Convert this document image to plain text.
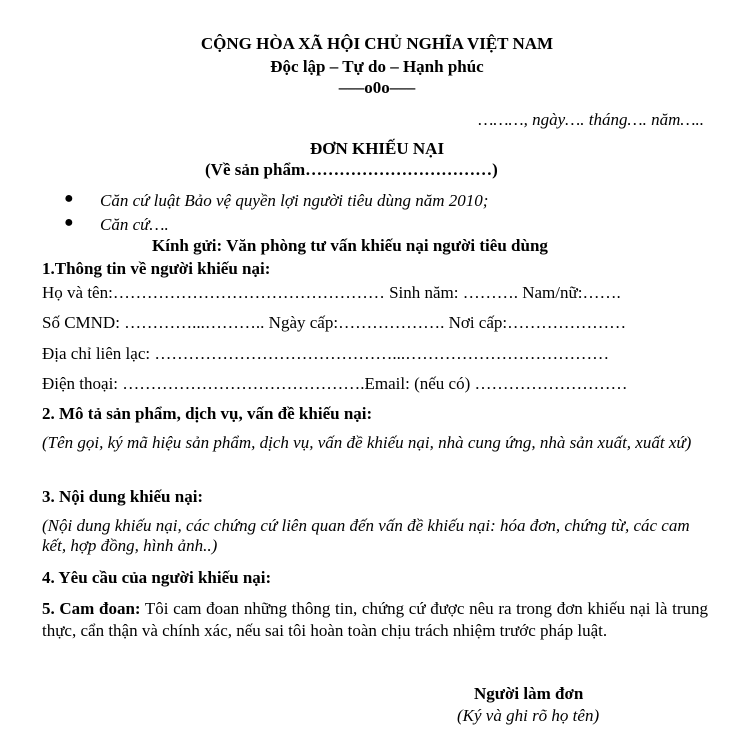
CỘNG HÒA XÃ HỘI CHỦ NGHĨA VIỆT NAM
Độc lập – Tự do – Hạnh phúc
–––o0o–––
………, ngày…. tháng…. năm…..
ĐƠN KHIẾU NẠI
(Về sản phẩm……………………………)
● Căn cứ luật Bảo vệ quyền lợi người tiêu dùng năm 2010;
● Căn cứ….
Kính gửi: Văn phòng tư vấn khiếu nại người tiêu dùng
1.Thông tin về người khiếu nại:
Họ và tên:………………………………………… Sinh năm: ………. Nam/nữ:…….
Số CMND: …………...……….. Ngày cấp:………………. Nơi cấp:…………………
Địa chỉ liên lạc: ……………………………………...………………………………
Điện thoại: …………………………………….Email: (nếu có) ………………………
2. Mô tả sản phẩm, dịch vụ, vấn đề khiếu nại:
(Tên gọi, ký mã hiệu sản phẩm, dịch vụ, vấn đề khiếu nại, nhà cung ứng, nhà sản xuất, xuất xứ)
3. Nội dung khiếu nại:
(Nội dung khiếu nại, các chứng cứ liên quan đến vấn đề khiếu nại: hóa đơn, chứng từ, các cam kết, hợp đồng, hình ảnh..)
4. Yêu cầu của người khiếu nại:
5. Cam đoan: Tôi cam đoan những thông tin, chứng cứ được nêu ra trong đơn khiếu nại là trung thực, cẩn thận và chính xác, nếu sai tôi hoàn toàn chịu trách nhiệm trước pháp luật.
Người làm đơn
(Ký và ghi rõ họ tên)
